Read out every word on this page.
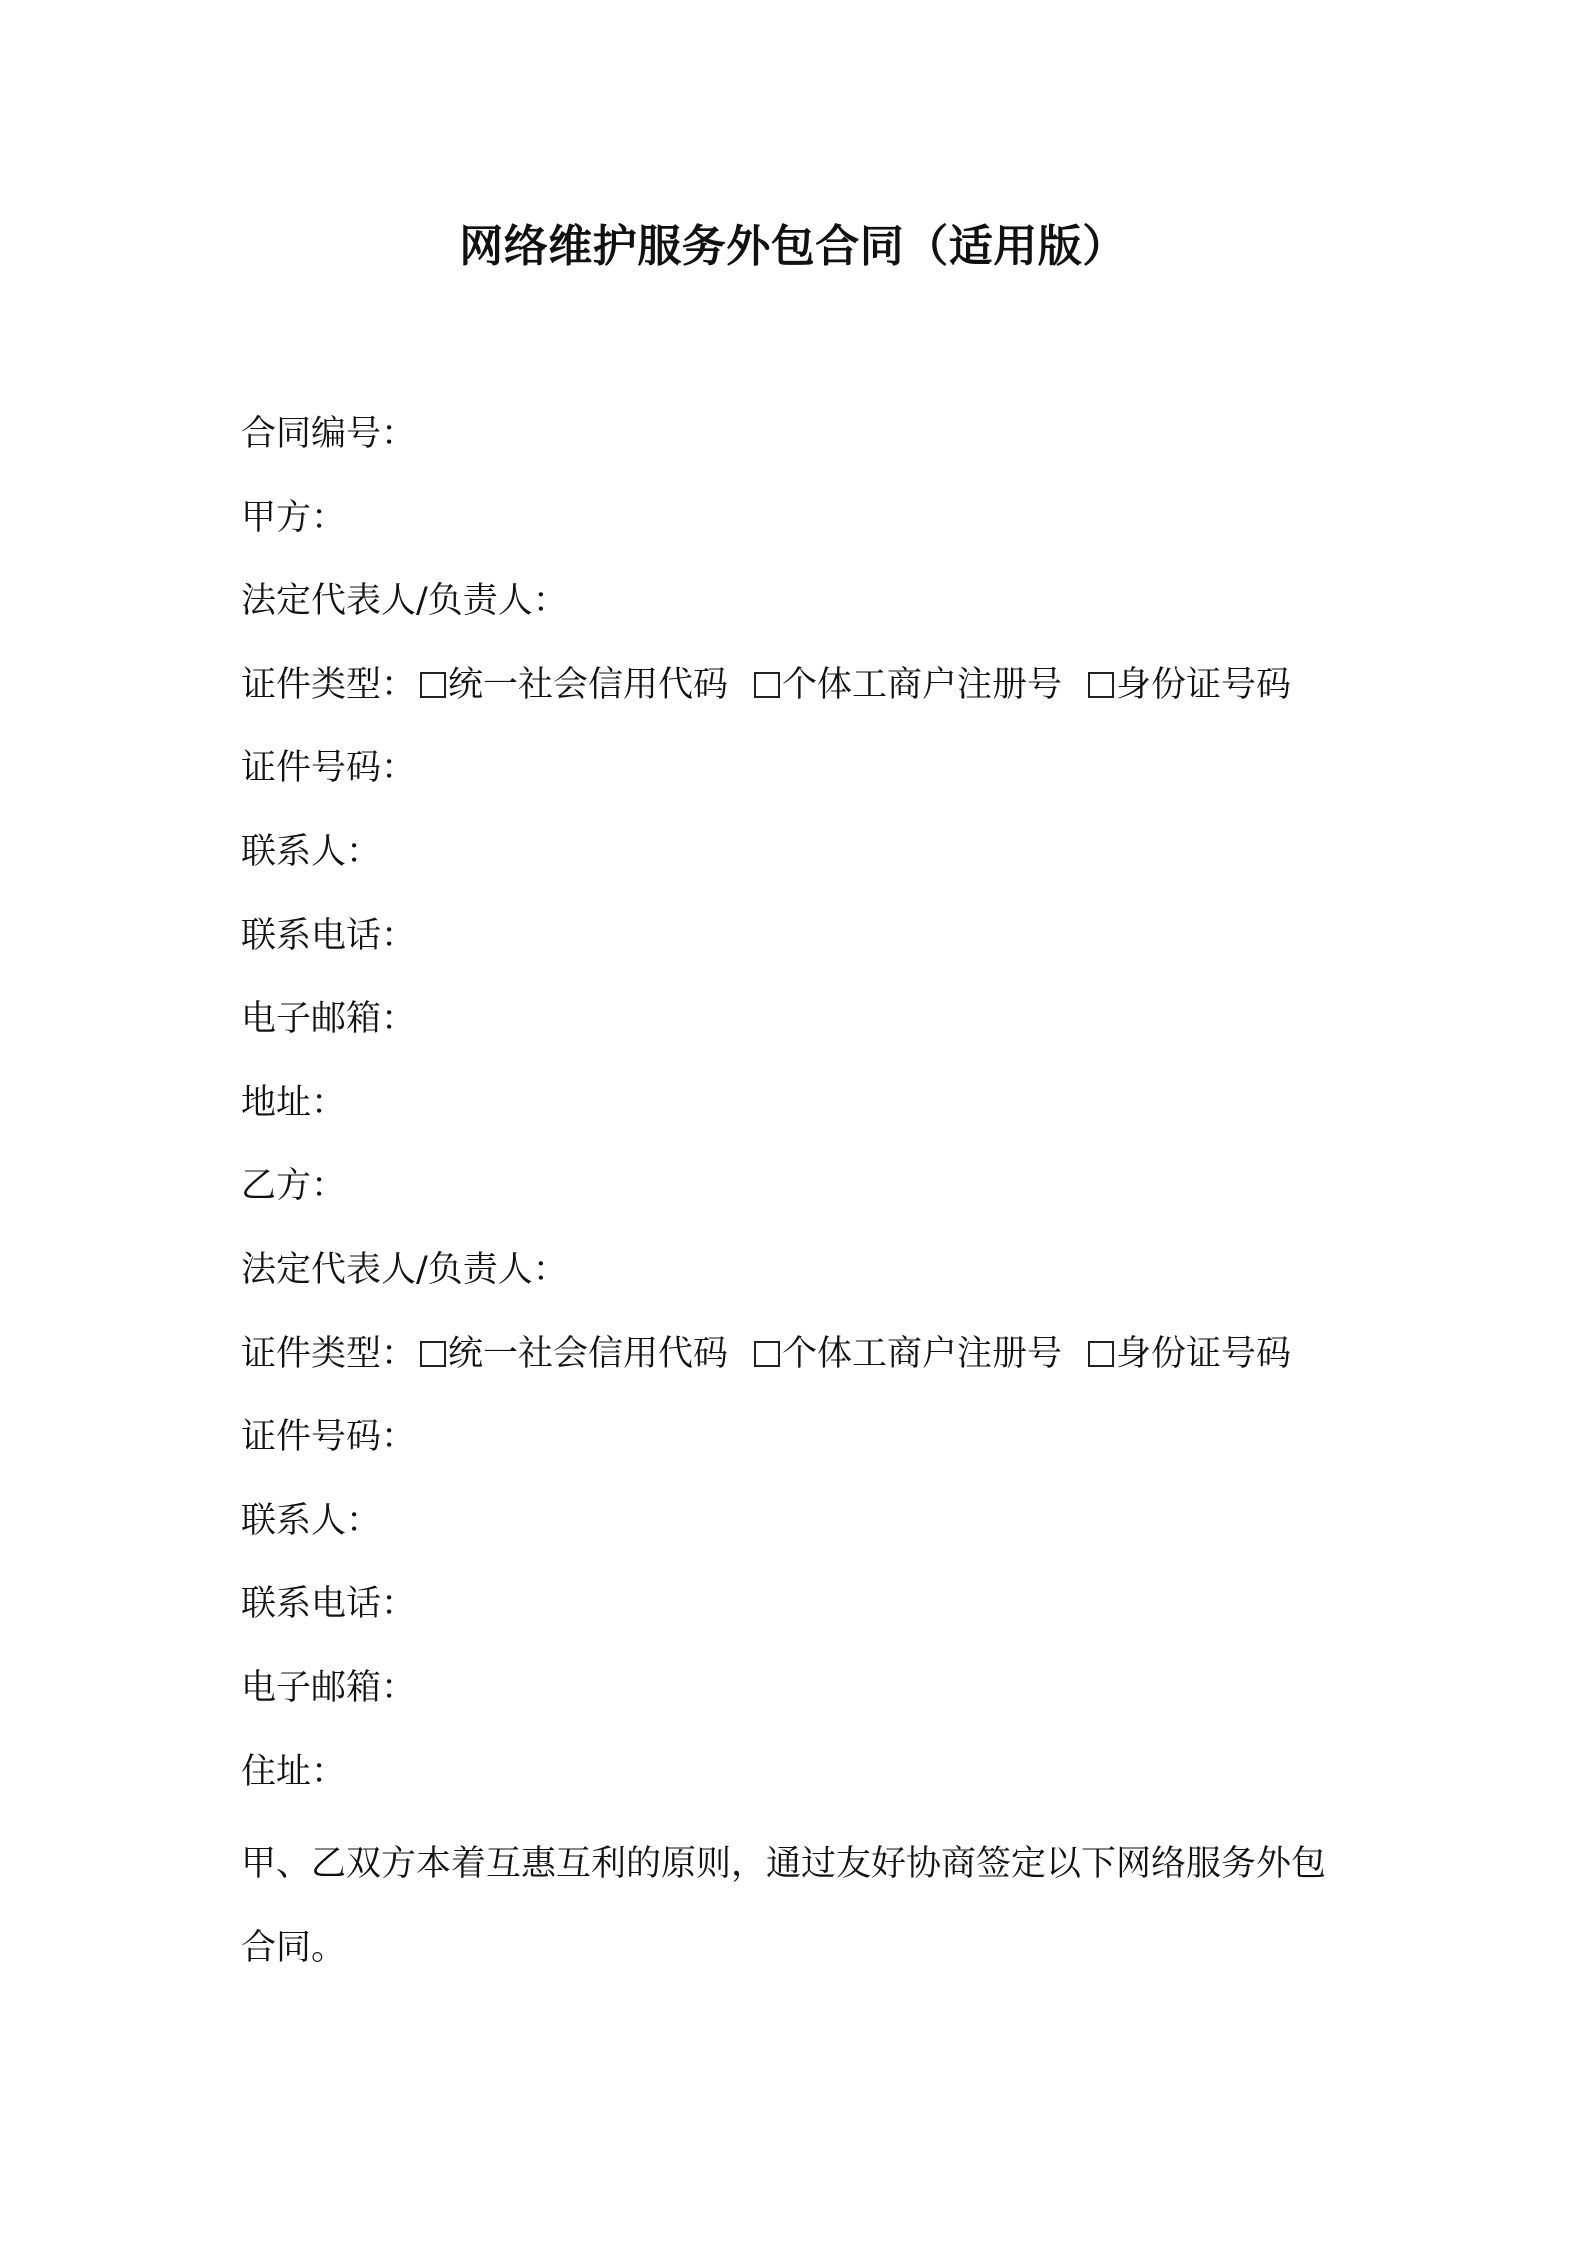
网络维护服务外包合同（适用版）
合同编号：
甲方：
法定代表人/负责人：
证件类型： 统一社会信用代码 个体工商户注册号 身份证号码
证件号码：
联系人：
联系电话：
电子邮箱：
地址：
乙方：
法定代表人/负责人：
证件类型： 统一社会信用代码 个体工商户注册号 身份证号码
证件号码：
联系人：
联系电话：
电子邮箱：
住址：
甲、乙双方本着互惠互利的原则，通过友好协商签定以下网络服务外包合同。
